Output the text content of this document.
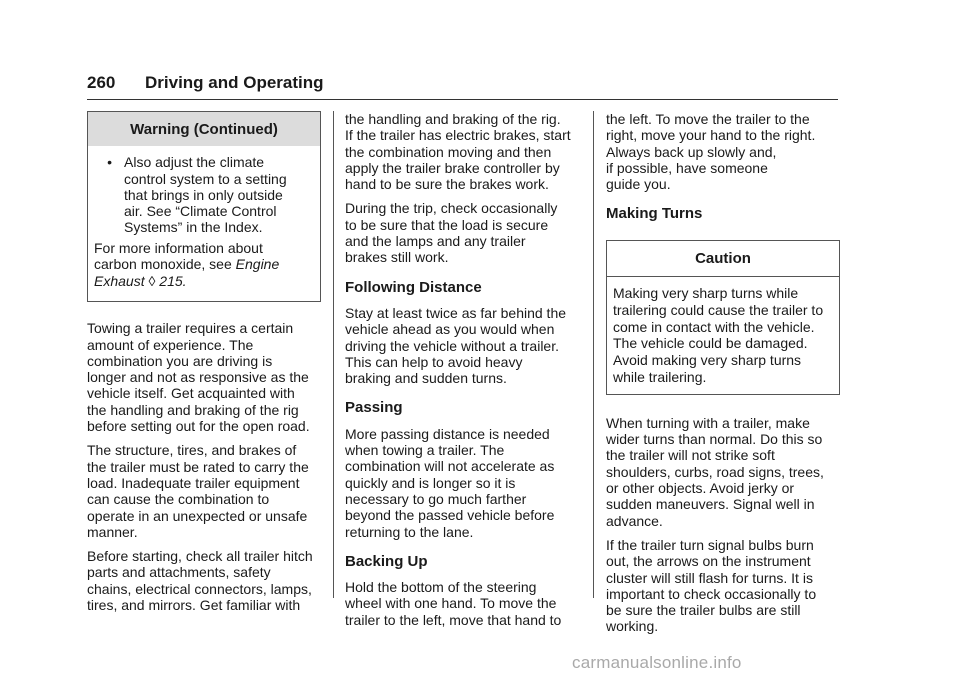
260 Driving and Operating
Warning (Continued)
• Also adjust the climate
control system to a setting
that brings in only outside
air. See “Climate Control
Systems” in the Index.

For more information about
carbon monoxide, see Engine
Exhaust ◊ 215.

Towing a trailer requires a certain
amount of experience. The
combination you are driving is
longer and not as responsive as the
vehicle itself. Get acquainted with
the handling and braking of the rig
before setting out for the open road.

The structure, tires, and brakes of
the trailer must be rated to carry the
load. Inadequate trailer equipment
can cause the combination to
operate in an unexpected or unsafe
manner.

Before starting, check all trailer hitch
parts and attachments, safety
chains, electrical connectors, lamps,
tires, and mirrors. Get familiar with

the handling and braking of the rig.
If the trailer has electric brakes, start
the combination moving and then
apply the trailer brake controller by
hand to be sure the brakes work.

During the trip, check occasionally
to be sure that the load is secure
and the lamps and any trailer
brakes still work.

Following Distance

Stay at least twice as far behind the
vehicle ahead as you would when
driving the vehicle without a trailer.
This can help to avoid heavy
braking and sudden turns.

Passing

More passing distance is needed
when towing a trailer. The
combination will not accelerate as
quickly and is longer so it is
necessary to go much farther
beyond the passed vehicle before
returning to the lane.

Backing Up

Hold the bottom of the steering
wheel with one hand. To move the
trailer to the left, move that hand to

the left. To move the trailer to the
right, move your hand to the right.
Always back up slowly and,
if possible, have someone
guide you.

Making Turns
Caution

Making very sharp turns while
trailering could cause the trailer to
come in contact with the vehicle.
The vehicle could be damaged.
Avoid making very sharp turns
while trailering.

When turning with a trailer, make
wider turns than normal. Do this so
the trailer will not strike soft
shoulders, curbs, road signs, trees,
or other objects. Avoid jerky or
sudden maneuvers. Signal well in
advance.

If the trailer turn signal bulbs burn
out, the arrows on the instrument
cluster will still flash for turns. It is
important to check occasionally to
be sure the trailer bulbs are still
working.

carmanualsonline.info
